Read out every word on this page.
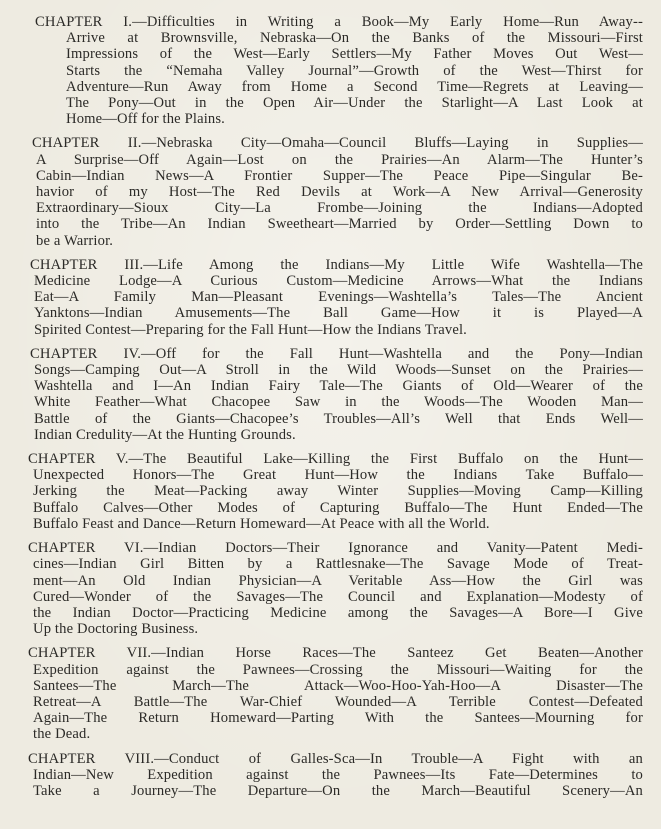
CHAPTER I.—Difficulties in Writing a Book—My Early Home—Run Away-‑
Arrive at Brownsville, Nebraska—On the Banks of the Missouri—First
Impressions of the West—Early Settlers—My Father Moves Out West—
Starts the “Nemaha Valley Journal”—Growth of the West—Thirst for
Adventure—Run Away from Home a Second Time—Regrets at Leaving—
The Pony—Out in the Open Air—Under the Starlight—A Last Look at
Home—Off for the Plains.
CHAPTER II.—Nebraska City—Omaha—Council Bluffs—Laying in Supplies—
A Surprise—Off Again—Lost on the Prairies—An Alarm—The Hunter’s
Cabin—Indian News—A Frontier Supper—The Peace Pipe—Singular Be-
havior of my Host—The Red Devils at Work—A New Arrival—Generosity
Extraordinary—Sioux City—La Frombe—Joining the Indians—Adopted
into the Tribe—An Indian Sweetheart—Married by Order—Settling Down to
be a Warrior.
CHAPTER III.—Life Among the Indians—My Little Wife Washtella—The
Medicine Lodge—A Curious Custom—Medicine Arrows—What the Indians
Eat—A Family Man—Pleasant Evenings—Washtella’s Tales—The Ancient
Yanktons—Indian Amusements—The Ball Game—How it is Played—A
Spirited Contest—Preparing for the Fall Hunt—How the Indians Travel.
CHAPTER IV.—Off for the Fall Hunt—Washtella and the Pony—Indian
Songs—Camping Out—A Stroll in the Wild Woods—Sunset on the Prairies—
Washtella and I—An Indian Fairy Tale—The Giants of Old—Wearer of the
White Feather—What Chacopee Saw in the Woods—The Wooden Man—
Battle of the Giants—Chacopee’s Troubles—All’s Well that Ends Well—
Indian Credulity—At the Hunting Grounds.
CHAPTER V.—The Beautiful Lake—Killing the First Buffalo on the Hunt—
Unexpected Honors—The Great Hunt—How the Indians Take Buffalo—
Jerking the Meat—Packing away Winter Supplies—Moving Camp—Killing
Buffalo Calves—Other Modes of Capturing Buffalo—The Hunt Ended—The
Buffalo Feast and Dance—Return Homeward—At Peace with all the World.
CHAPTER VI.—Indian Doctors—Their Ignorance and Vanity—Patent Medi-
cines—Indian Girl Bitten by a Rattlesnake—The Savage Mode of Treat-
ment—An Old Indian Physician—A Veritable Ass—How the Girl was
Cured—Wonder of the Savages—The Council and Explanation—Modesty of
the Indian Doctor—Practicing Medicine among the Savages—A Bore—I Give
Up the Doctoring Business.
CHAPTER VII.—Indian Horse Races—The Santeez Get Beaten—Another
Expedition against the Pawnees—Crossing the Missouri—Waiting for the
Santees—The March—The Attack—Woo-Hoo-Yah-Hoo—A Disaster—The
Retreat—A Battle—The War-Chief Wounded—A Terrible Contest—Defeated
Again—The Return Homeward—Parting With the Santees—Mourning for
the Dead.
CHAPTER VIII.—Conduct of Galles-Sca—In Trouble—A Fight with an
Indian—New Expedition against the Pawnees—Its Fate—Determines to
Take a Journey—The Departure—On the March—Beautiful Scenery—An
